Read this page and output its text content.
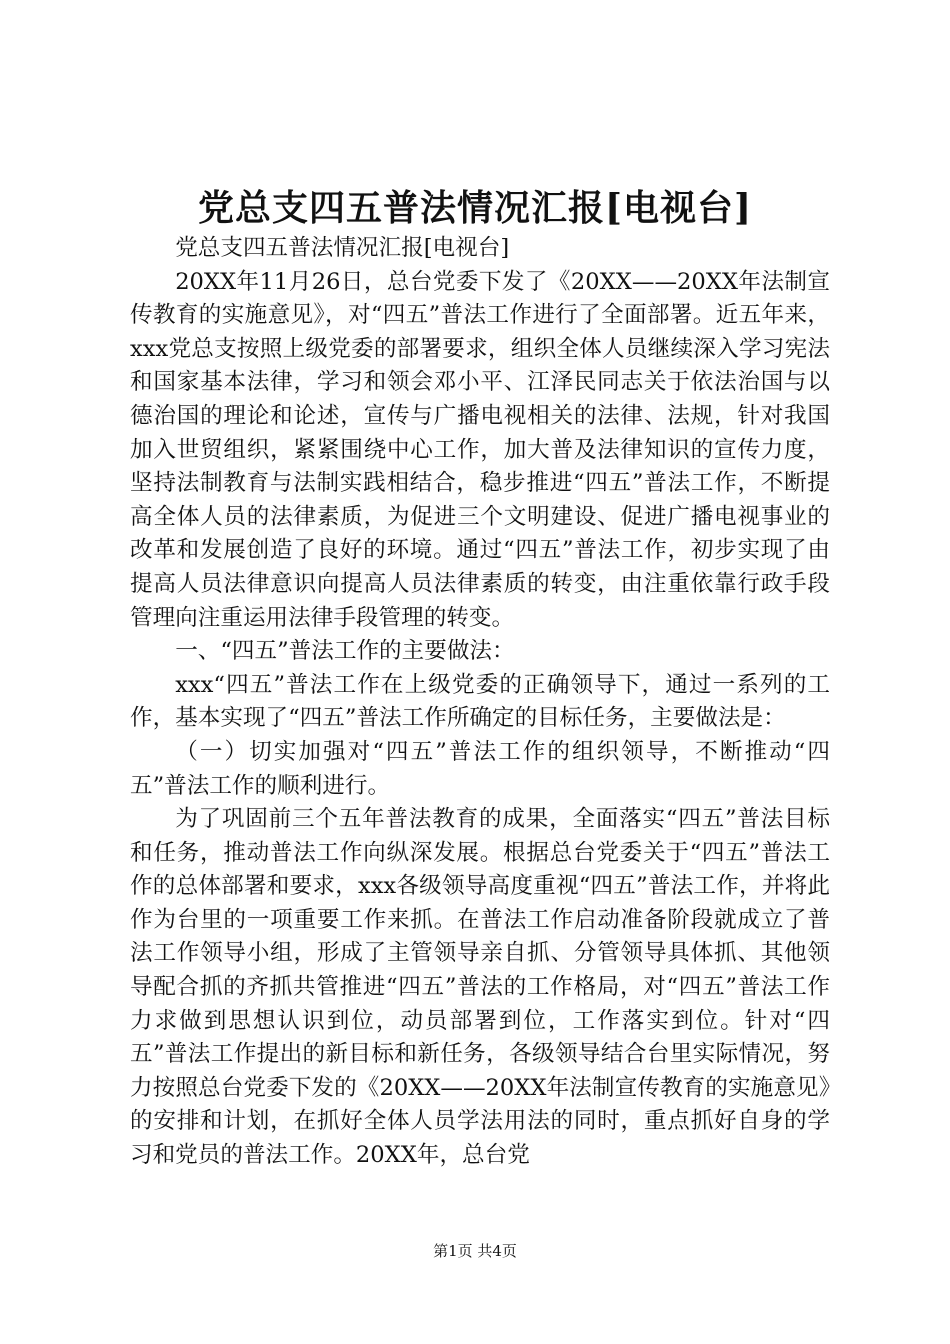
党总支四五普法情况汇报[电视台]

党总支四五普法情况汇报[电视台]

20XX年11月26日，总台党委下发了《20XX——20XX年法制宣传教育的实施意见》，对“四五”普法工作进行了全面部署。近五年来，xxx党总支按照上级党委的部署要求，组织全体人员继续深入学习宪法和国家基本法律，学习和领会邓小平、江泽民同志关于依法治国与以德治国的理论和论述，宣传与广播电视相关的法律、法规，针对我国加入世贸组织，紧紧围绕中心工作，加大普及法律知识的宣传力度，坚持法制教育与法制实践相结合，稳步推进“四五”普法工作，不断提高全体人员的法律素质，为促进三个文明建设、促进广播电视事业的改革和发展创造了良好的环境。通过“四五”普法工作，初步实现了由提高人员法律意识向提高人员法律素质的转变，由注重依靠行政手段管理向注重运用法律手段管理的转变。

一、“四五”普法工作的主要做法：

xxx“四五”普法工作在上级党委的正确领导下，通过一系列的工作，基本实现了“四五”普法工作所确定的目标任务，主要做法是：

（一）切实加强对“四五”普法工作的组织领导，不断推动“四五”普法工作的顺利进行。

为了巩固前三个五年普法教育的成果，全面落实“四五”普法目标和任务，推动普法工作向纵深发展。根据总台党委关于“四五”普法工作的总体部署和要求，xxx各级领导高度重视“四五”普法工作，并将此作为台里的一项重要工作来抓。在普法工作启动准备阶段就成立了普法工作领导小组，形成了主管领导亲自抓、分管领导具体抓、其他领导配合抓的齐抓共管推进“四五”普法的工作格局，对“四五”普法工作力求做到思想认识到位，动员部署到位，工作落实到位。针对“四五”普法工作提出的新目标和新任务，各级领导结合台里实际情况，努力按照总台党委下发的《20XX——20XX年法制宣传教育的实施意见》的安排和计划，在抓好全体人员学法用法的同时，重点抓好自身的学习和党员的普法工作。20XX年，总台党

第1页 共4页
